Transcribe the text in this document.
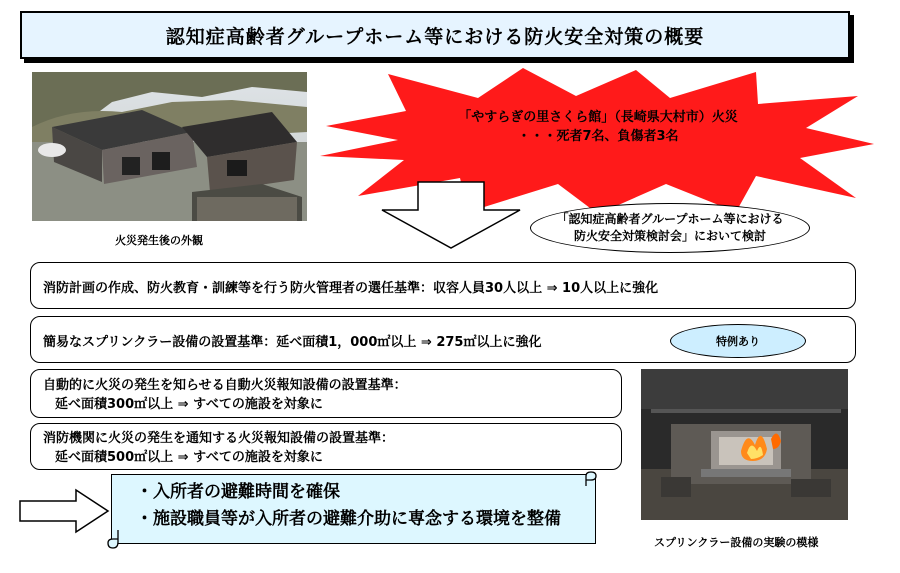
認知症高齢者グループホーム等における防火安全対策の概要
火災発生後の外観
「やすらぎの里さくら館」（長崎県大村市）火災
・・・死者7名、負傷者3名
「認知症高齢者グループホーム等における
防火安全対策検討会」において検討
消防計画の作成、防火教育・訓練等を行う防火管理者の選任基準：収容人員30人以上 ⇒ 10人以上に強化
簡易なスプリンクラー設備の設置基準：延べ面積1，000㎡以上 ⇒ 275㎡以上に強化	特例あり
自動的に火災の発生を知らせる自動火災報知設備の設置基準：
延べ面積300㎡以上 ⇒ すべての施設を対象に
消防機関に火災の発生を通知する火災報知設備の設置基準：
延べ面積500㎡以上 ⇒ すべての施設を対象に
・入所者の避難時間を確保
・施設職員等が入所者の避難介助に専念する環境を整備
スプリンクラー設備の実験の模様
